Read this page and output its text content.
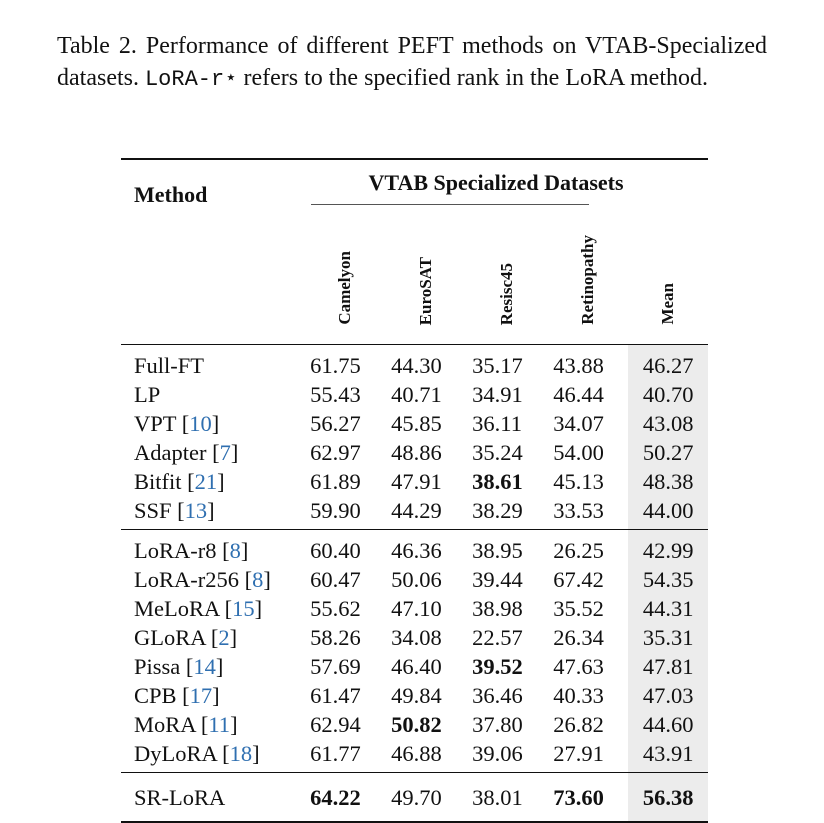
Table 2. Performance of different PEFT methods on VTAB-Specialized datasets. LoRA-r⋆ refers to the specified rank in the LoRA method.
Method	VTAB Specialized Datasets				

	Camelyon	EuroSAT	Resisc45	Retinopathy	Mean
Full-FT	61.75	44.30	35.17	43.88	46.27
LP	55.43	40.71	34.91	46.44	40.70
VPT [10]	56.27	45.85	36.11	34.07	43.08
Adapter [7]	62.97	48.86	35.24	54.00	50.27
Bitfit [21]	61.89	47.91	38.61	45.13	48.38
SSF [13]	59.90	44.29	38.29	33.53	44.00
LoRA-r8 [8]	60.40	46.36	38.95	26.25	42.99
LoRA-r256 [8]	60.47	50.06	39.44	67.42	54.35
MeLoRA [15]	55.62	47.10	38.98	35.52	44.31
GLoRA [2]	58.26	34.08	22.57	26.34	35.31
Pissa [14]	57.69	46.40	39.52	47.63	47.81
CPB [17]	61.47	49.84	36.46	40.33	47.03
MoRA [11]	62.94	50.82	37.80	26.82	44.60
DyLoRA [18]	61.77	46.88	39.06	27.91	43.91
SR-LoRA	64.22	49.70	38.01	73.60	56.38
